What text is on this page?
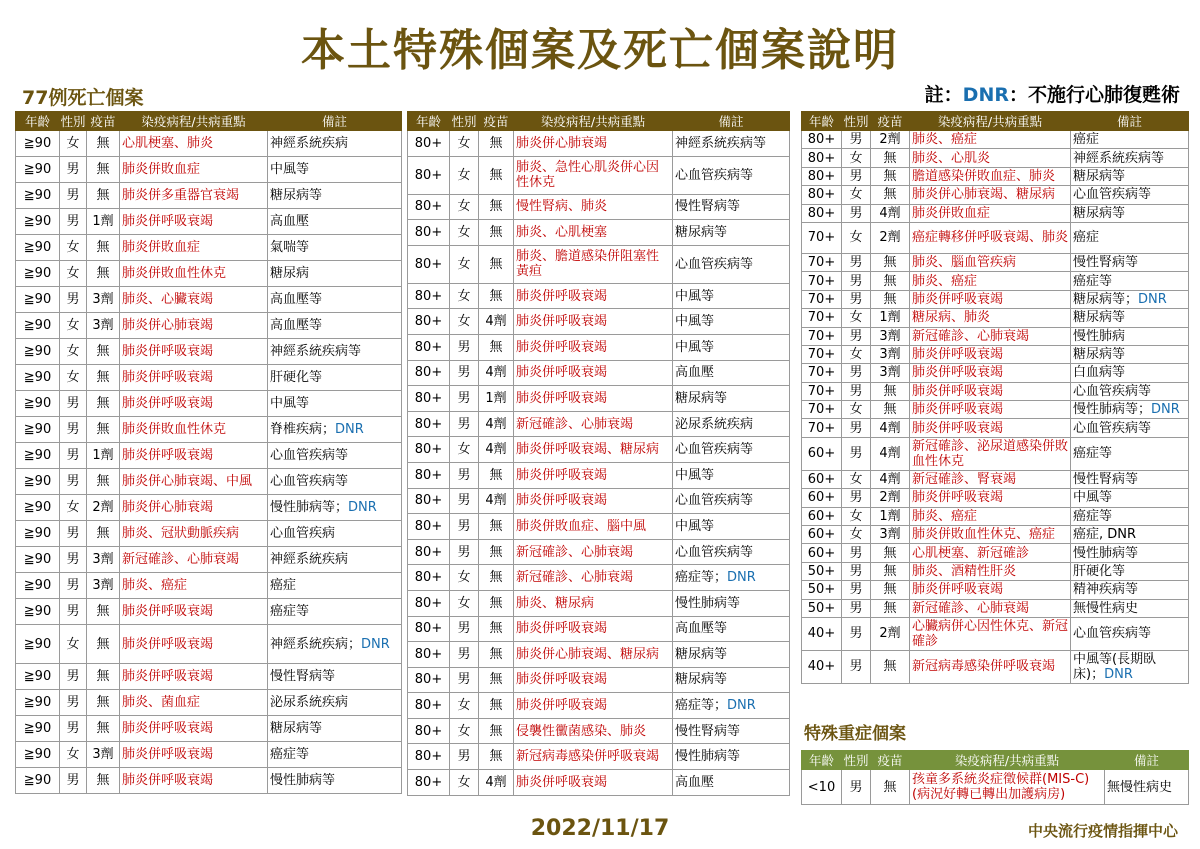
本土特殊個案及死亡個案說明
77例死亡個案	註：DNR：不施行心肺復甦術
年齡	性別	疫苗	染疫病程/共病重點	備註
≧90	女	無	心肌梗塞、肺炎	神經系統疾病
≧90	男	無	肺炎併敗血症	中風等
≧90	男	無	肺炎併多重器官衰竭	糖尿病等
≧90	男	1劑	肺炎併呼吸衰竭	高血壓
≧90	女	無	肺炎併敗血症	氣喘等
≧90	女	無	肺炎併敗血性休克	糖尿病
≧90	男	3劑	肺炎、心臟衰竭	高血壓等
≧90	女	3劑	肺炎併心肺衰竭	高血壓等
≧90	女	無	肺炎併呼吸衰竭	神經系統疾病等
≧90	女	無	肺炎併呼吸衰竭	肝硬化等
≧90	男	無	肺炎併呼吸衰竭	中風等
≧90	男	無	肺炎併敗血性休克	脊椎疾病；DNR
≧90	男	1劑	肺炎併呼吸衰竭	心血管疾病等
≧90	男	無	肺炎併心肺衰竭、中風	心血管疾病等
≧90	女	2劑	肺炎併心肺衰竭	慢性肺病等；DNR
≧90	男	無	肺炎、冠狀動脈疾病	心血管疾病
≧90	男	3劑	新冠確診、心肺衰竭	神經系統疾病
≧90	男	3劑	肺炎、癌症	癌症
≧90	男	無	肺炎併呼吸衰竭	癌症等
≧90	女	無	肺炎併呼吸衰竭	神經系統疾病；DNR
≧90	男	無	肺炎併呼吸衰竭	慢性腎病等
≧90	男	無	肺炎、菌血症	泌尿系統疾病
≧90	男	無	肺炎併呼吸衰竭	糖尿病等
≧90	女	3劑	肺炎併呼吸衰竭	癌症等
≧90	男	無	肺炎併呼吸衰竭	慢性肺病等
年齡	性別	疫苗	染疫病程/共病重點	備註
80+	女	無	肺炎併心肺衰竭	神經系統疾病等
80+	女	無	肺炎、急性心肌炎併心因性休克	心血管疾病等
80+	女	無	慢性腎病、肺炎	慢性腎病等
80+	女	無	肺炎、心肌梗塞	糖尿病等
80+	女	無	肺炎、膽道感染併阻塞性黃疸	心血管疾病等
80+	女	無	肺炎併呼吸衰竭	中風等
80+	女	4劑	肺炎併呼吸衰竭	中風等
80+	男	無	肺炎併呼吸衰竭	中風等
80+	男	4劑	肺炎併呼吸衰竭	高血壓
80+	男	1劑	肺炎併呼吸衰竭	糖尿病等
80+	男	4劑	新冠確診、心肺衰竭	泌尿系統疾病
80+	女	4劑	肺炎併呼吸衰竭、糖尿病	心血管疾病等
80+	男	無	肺炎併呼吸衰竭	中風等
80+	男	4劑	肺炎併呼吸衰竭	心血管疾病等
80+	男	無	肺炎併敗血症、腦中風	中風等
80+	男	無	新冠確診、心肺衰竭	心血管疾病等
80+	女	無	新冠確診、心肺衰竭	癌症等；DNR
80+	女	無	肺炎、糖尿病	慢性肺病等
80+	男	無	肺炎併呼吸衰竭	高血壓等
80+	男	無	肺炎併心肺衰竭、糖尿病	糖尿病等
80+	男	無	肺炎併呼吸衰竭	糖尿病等
80+	女	無	肺炎併呼吸衰竭	癌症等；DNR
80+	女	無	侵襲性黴菌感染、肺炎	慢性腎病等
80+	男	無	新冠病毒感染併呼吸衰竭	慢性肺病等
80+	女	4劑	肺炎併呼吸衰竭	高血壓
年齡	性別	疫苗	染疫病程/共病重點	備註
80+	男	2劑	肺炎、癌症	癌症
80+	女	無	肺炎、心肌炎	神經系統疾病等
80+	男	無	膽道感染併敗血症、肺炎	糖尿病等
80+	女	無	肺炎併心肺衰竭、糖尿病	心血管疾病等
80+	男	4劑	肺炎併敗血症	糖尿病等
70+	女	2劑	癌症轉移併呼吸衰竭、肺炎	癌症
70+	男	無	肺炎、腦血管疾病	慢性腎病等
70+	男	無	肺炎、癌症	癌症等
70+	男	無	肺炎併呼吸衰竭	糖尿病等；DNR
70+	女	1劑	糖尿病、肺炎	糖尿病等
70+	男	3劑	新冠確診、心肺衰竭	慢性肺病
70+	女	3劑	肺炎併呼吸衰竭	糖尿病等
70+	男	3劑	肺炎併呼吸衰竭	白血病等
70+	男	無	肺炎併呼吸衰竭	心血管疾病等
70+	女	無	肺炎併呼吸衰竭	慢性肺病等；DNR
70+	男	4劑	肺炎併呼吸衰竭	心血管疾病等
60+	男	4劑	新冠確診、泌尿道感染併敗血性休克	癌症等
60+	女	4劑	新冠確診、腎衰竭	慢性腎病等
60+	男	2劑	肺炎併呼吸衰竭	中風等
60+	女	1劑	肺炎、癌症	癌症等
60+	女	3劑	肺炎併敗血性休克、癌症	癌症, DNR
60+	男	無	心肌梗塞、新冠確診	慢性肺病等
50+	男	無	肺炎、酒精性肝炎	肝硬化等
50+	男	無	肺炎併呼吸衰竭	精神疾病等
50+	男	無	新冠確診、心肺衰竭	無慢性病史
40+	男	2劑	心臟病併心因性休克、新冠確診	心血管疾病等
40+	男	無	新冠病毒感染併呼吸衰竭	中風等(長期臥床)；DNR
特殊重症個案
年齡	性別	疫苗	染疫病程/共病重點	備註
<10	男	無	孩童多系統炎症徵候群(MIS-C)(病況好轉已轉出加護病房)	無慢性病史
2022/11/17	中央流行疫情指揮中心
